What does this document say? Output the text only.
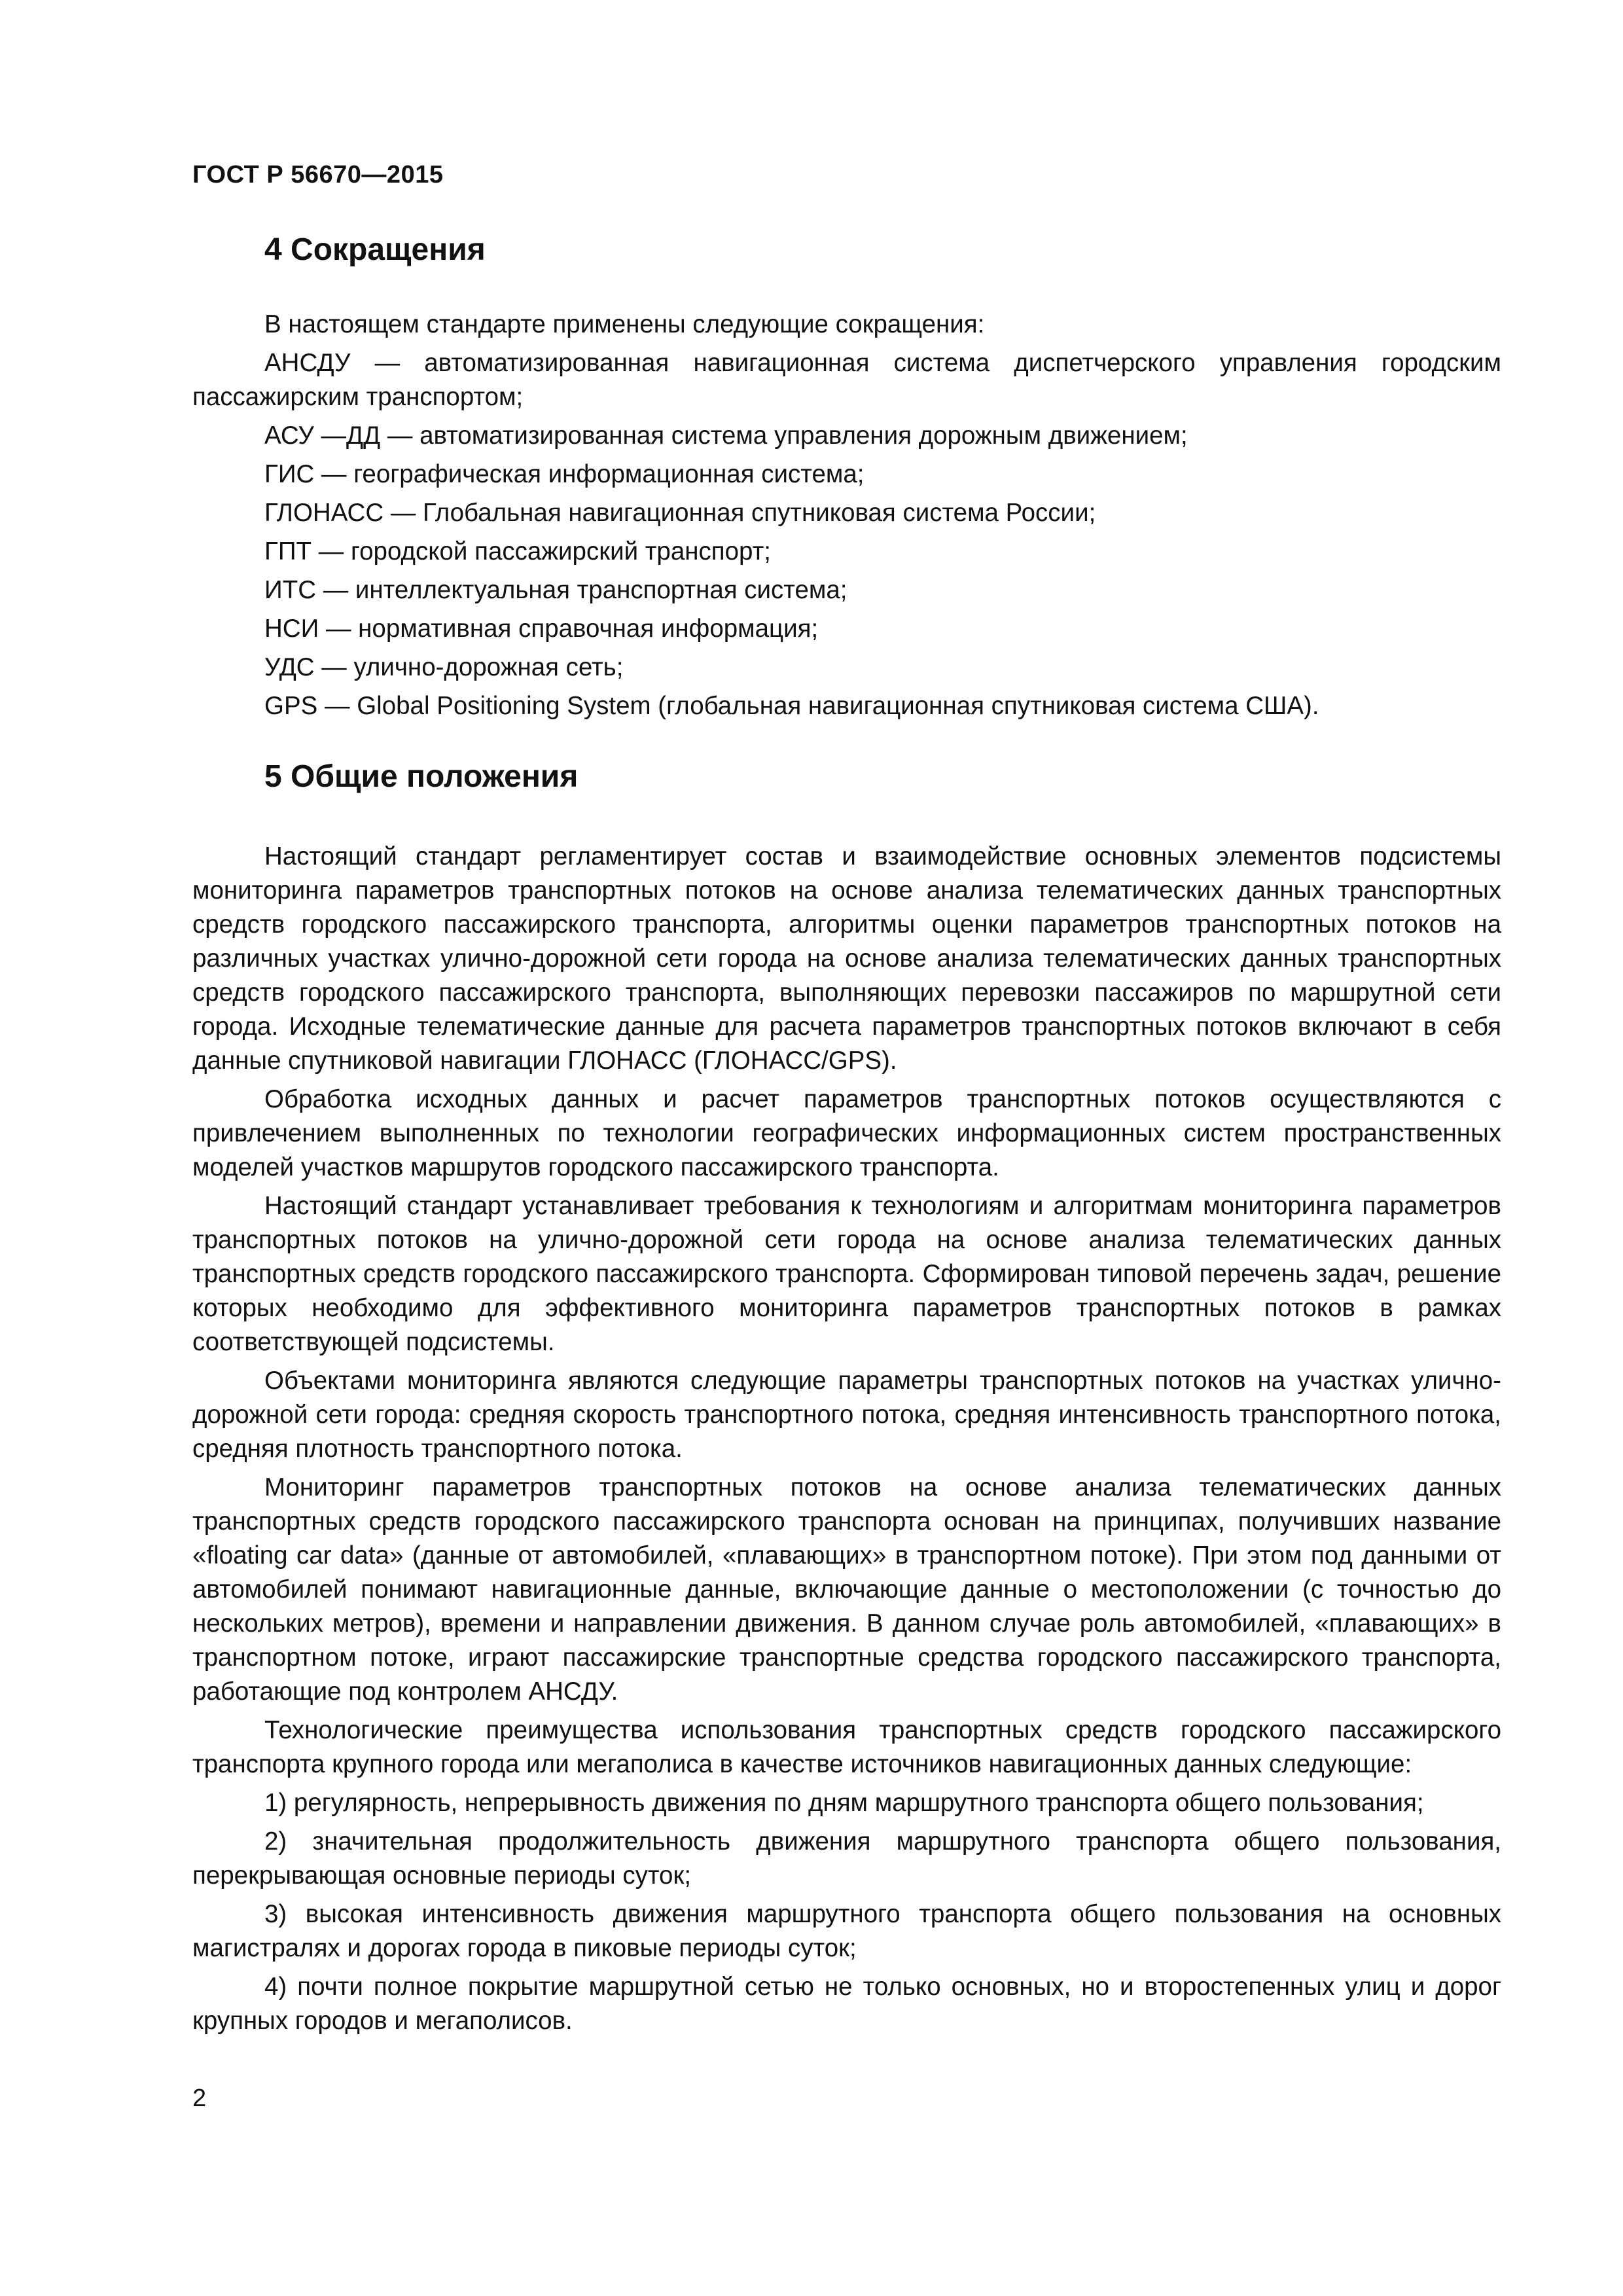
ГОСТ Р 56670—2015

4 Сокращения

В настоящем стандарте применены следующие сокращения:

АНСДУ — автоматизированная навигационная система диспетчерского управления городским пассажирским транспортом;

АСУ —ДД — автоматизированная система управления дорожным движением;

ГИС — географическая информационная система;

ГЛОНАСС — Глобальная навигационная спутниковая система России;

ГПТ — городской пассажирский транспорт;

ИТС — интеллектуальная транспортная система;

НСИ — нормативная справочная информация;

УДС — улично-дорожная сеть;

GPS — Global Positioning System (глобальная навигационная спутниковая система США).

5 Общие положения

Настоящий стандарт регламентирует состав и взаимодействие основных элементов подсистемы мониторинга параметров транспортных потоков на основе анализа телематических данных транспортных средств городского пассажирского транспорта, алгоритмы оценки параметров транспортных потоков на различных участках улично-дорожной сети города на основе анализа телематических данных транспортных средств городского пассажирского транспорта, выполняющих перевозки пассажиров по маршрутной сети города. Исходные телематические данные для расчета параметров транспортных потоков включают в себя данные спутниковой навигации ГЛОНАСС (ГЛОНАСС/GPS).

Обработка исходных данных и расчет параметров транспортных потоков осуществляются с привлечением выполненных по технологии географических информационных систем пространственных моделей участков маршрутов городского пассажирского транспорта.

Настоящий стандарт устанавливает требования к технологиям и алгоритмам мониторинга параметров транспортных потоков на улично-дорожной сети города на основе анализа телематических данных транспортных средств городского пассажирского транспорта. Сформирован типовой перечень задач, решение которых необходимо для эффективного мониторинга параметров транспортных потоков в рамках соответствующей подсистемы.

Объектами мониторинга являются следующие параметры транспортных потоков на участках улично-дорожной сети города: средняя скорость транспортного потока, средняя интенсивность транспортного потока, средняя плотность транспортного потока.

Мониторинг параметров транспортных потоков на основе анализа телематических данных транспортных средств городского пассажирского транспорта основан на принципах, получивших название «floating car data» (данные от автомобилей, «плавающих» в транспортном потоке). При этом под данными от автомобилей понимают навигационные данные, включающие данные о местоположении (с точностью до нескольких метров), времени и направлении движения. В данном случае роль автомобилей, «плавающих» в транспортном потоке, играют пассажирские транспортные средства городского пассажирского транспорта, работающие под контролем АНСДУ.

Технологические преимущества использования транспортных средств городского пассажирского транспорта крупного города или мегаполиса в качестве источников навигационных данных следующие:

1) регулярность, непрерывность движения по дням маршрутного транспорта общего пользования;

2) значительная продолжительность движения маршрутного транспорта общего пользования, перекрывающая основные периоды суток;

3) высокая интенсивность движения маршрутного транспорта общего пользования на основных магистралях и дорогах города в пиковые периоды суток;

4) почти полное покрытие маршрутной сетью не только основных, но и второстепенных улиц и дорог крупных городов и мегаполисов.

2
